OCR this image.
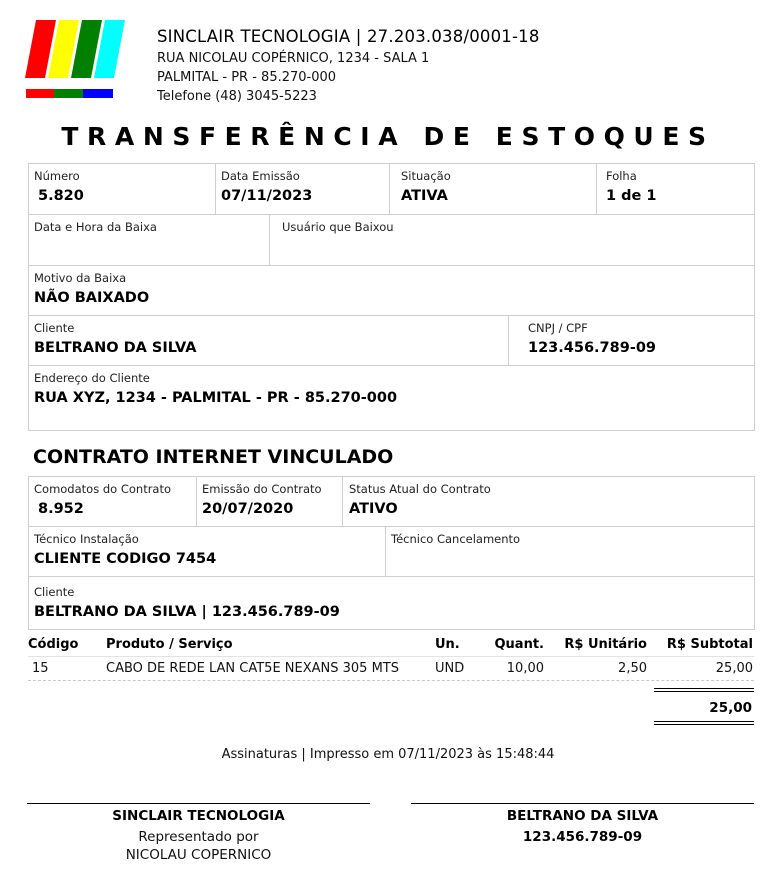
SINCLAIR TECNOLOGIA | 27.203.038/0001-18
RUA NICOLAU COPÉRNICO, 1234 - SALA 1
PALMITAL - PR - 85.270-000
Telefone (48) 3045-5223
TRANSFERÊNCIA DE ESTOQUES
Número
5.820
Data Emissão
07/11/2023
Situação
ATIVA
Folha
1 de 1
Data e Hora da Baixa	Usuário que Baixou
Motivo da Baixa
NÃO BAIXADO
Cliente
BELTRANO DA SILVA
CNPJ / CPF
123.456.789-09
Endereço do Cliente
RUA XYZ, 1234 - PALMITAL - PR - 85.270-000
CONTRATO INTERNET VINCULADO
Comodatos do Contrato
8.952
Emissão do Contrato
20/07/2020
Status Atual do Contrato
ATIVO
Técnico Instalação
CLIENTE CODIGO 7454
Técnico Cancelamento
Cliente
BELTRANO DA SILVA | 123.456.789-09
Código Produto / Serviço	Un.	Quant.	R$ Unitário	R$ Subtotal
15	CABO DE REDE LAN CAT5E NEXANS 305 MTS	UND	10,00	2,50	25,00
25,00
Assinaturas | Impresso em 07/11/2023 às 15:48:44
SINCLAIR TECNOLOGIA
Representado por
NICOLAU COPERNICO
BELTRANO DA SILVA
123.456.789-09
